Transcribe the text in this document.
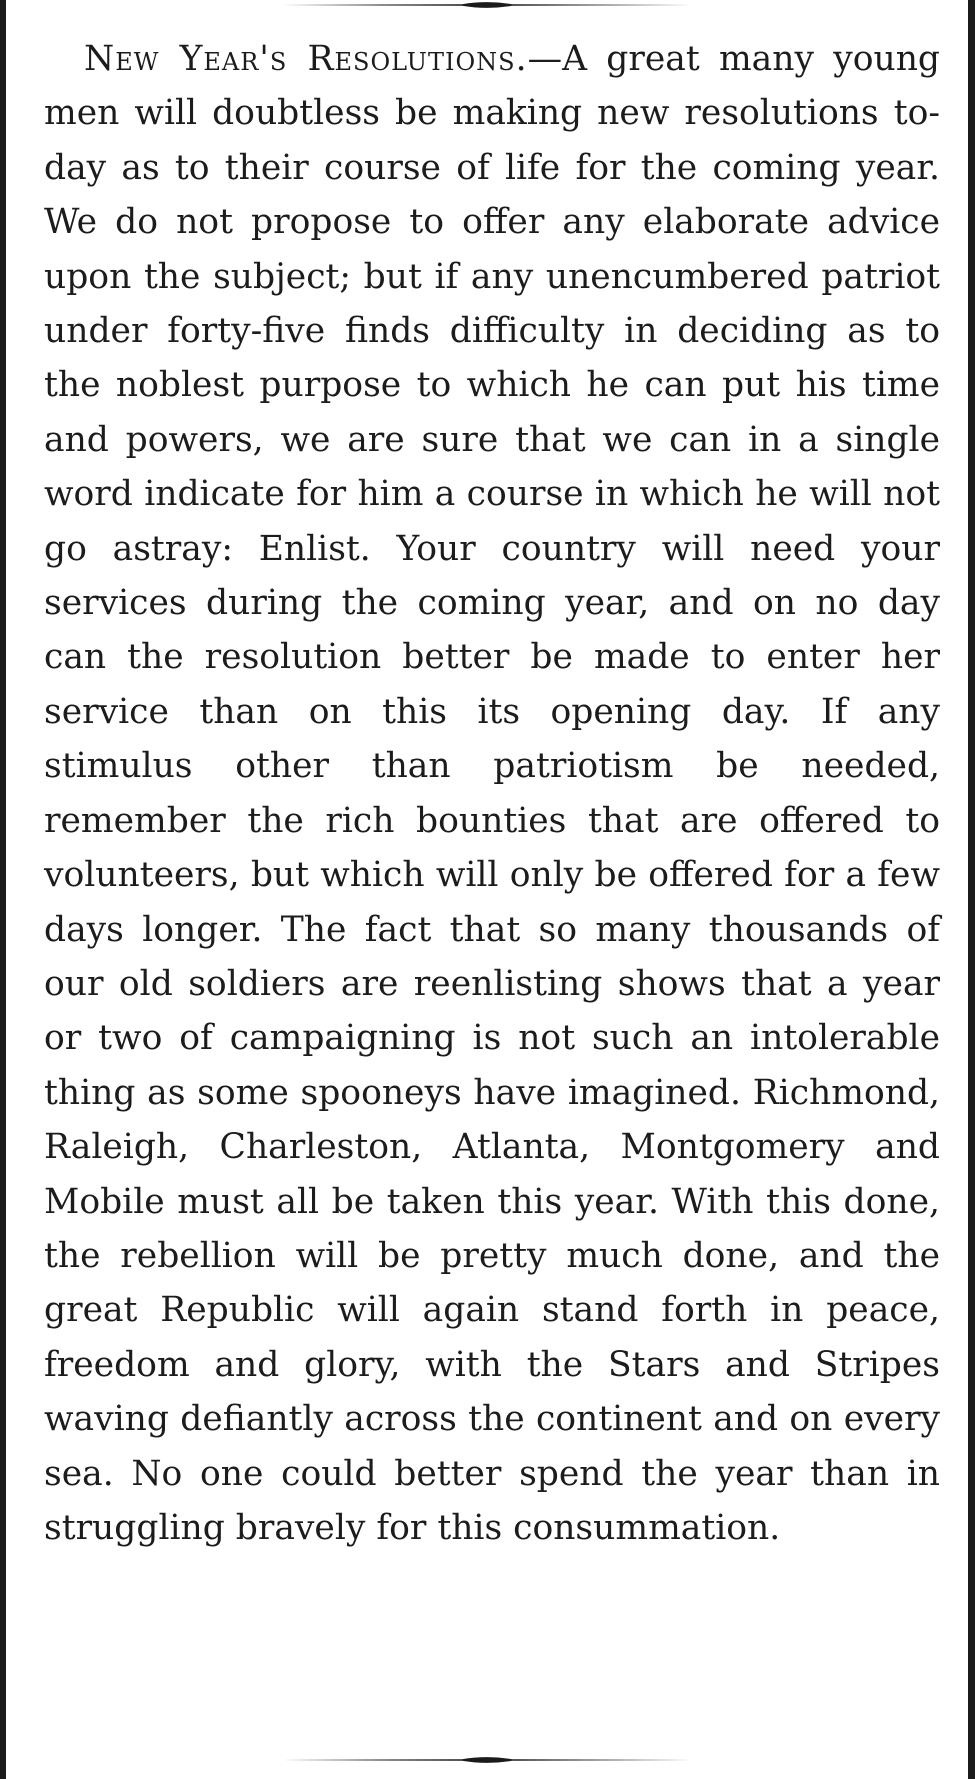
New Year's Resolutions.—A great many young men will doubtless be making new resolutions to-day as to their course of life for the coming year. We do not propose to offer any elaborate advice upon the subject; but if any unencumbered patriot under forty-five finds difficulty in deciding as to the noblest purpose to which he can put his time and powers, we are sure that we can in a single word indicate for him a course in which he will not go astray: Enlist. Your country will need your services during the coming year, and on no day can the resolution better be made to enter her service than on this its opening day. If any stimulus other than patriotism be needed, remember the rich bounties that are offered to volunteers, but which will only be offered for a few days longer. The fact that so many thousands of our old soldiers are reenlisting shows that a year or two of campaigning is not such an intolerable thing as some spooneys have imagined. Richmond, Raleigh, Charleston, Atlanta, Montgomery and Mobile must all be taken this year. With this done, the rebellion will be pretty much done, and the great Republic will again stand forth in peace, freedom and glory, with the Stars and Stripes waving defiantly across the continent and on every sea. No one could better spend the year than in struggling bravely for this consummation.
